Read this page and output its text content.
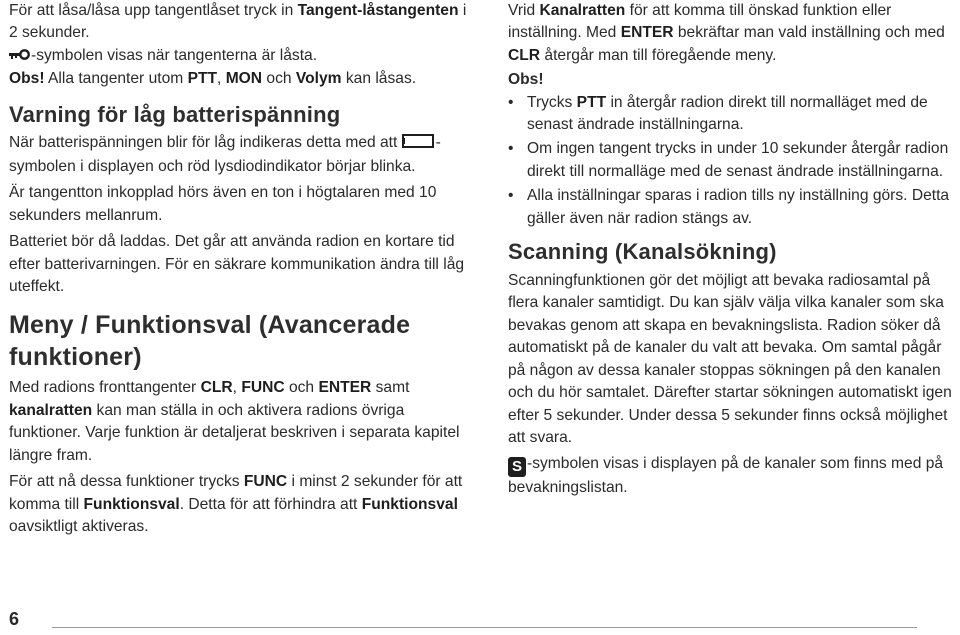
För att låsa/låsa upp tangentlåset tryck in Tangent-låstangenten i 2 sekunder.

-symbolen visas när tangenterna är låsta.

Obs! Alla tangenter utom PTT, MON och Volym kan låsas.

Varning för låg batterispänning

När batterispänningen blir för låg indikeras detta med att -symbolen i displayen och röd lysdiodindikator börjar blinka.

Är tangentton inkopplad hörs även en ton i högtalaren med 10 sekunders mellanrum.

Batteriet bör då laddas. Det går att använda radion en kortare tid efter batterivarningen. För en säkrare kommunikation ändra till låg uteffekt.

Meny / Funktionsval (Avancerade funktioner)

Med radions fronttangenter CLR, FUNC och ENTER samt kanalratten kan man ställa in och aktivera radions övriga funktioner. Varje funktion är detaljerat beskriven i separata kapitel längre fram.

För att nå dessa funktioner trycks FUNC i minst 2 sekunder för att komma till Funktionsval. Detta för att förhindra att Funktionsval oavsiktligt aktiveras.

Vrid Kanalratten för att komma till önskad funktion eller inställning. Med ENTER bekräftar man vald inställning och med CLR återgår man till föregående meny.

Obs!

• Trycks PTT in återgår radion direkt till normalläget med de senast ändrade inställningarna.
• Om ingen tangent trycks in under 10 sekunder återgår radion direkt till normalläge med de senast ändrade inställningarna.
• Alla inställningar sparas i radion tills ny inställning görs. Detta gäller även när radion stängs av.
Scanning (Kanalsökning)

Scanningfunktionen gör det möjligt att bevaka radiosamtal på flera kanaler samtidigt. Du kan själv välja vilka kanaler som ska bevakas genom att skapa en bevakningslista. Radion söker då automatiskt på de kanaler du valt att bevaka. Om samtal pågår på någon av dessa kanaler stoppas sökningen på den kanalen och du hör samtalet. Därefter startar sökningen automatiskt igen efter 5 sekunder. Under dessa 5 sekunder finns också möjlighet att svara.

S -symbolen visas i displayen på de kanaler som finns med på bevakningslistan.

6
